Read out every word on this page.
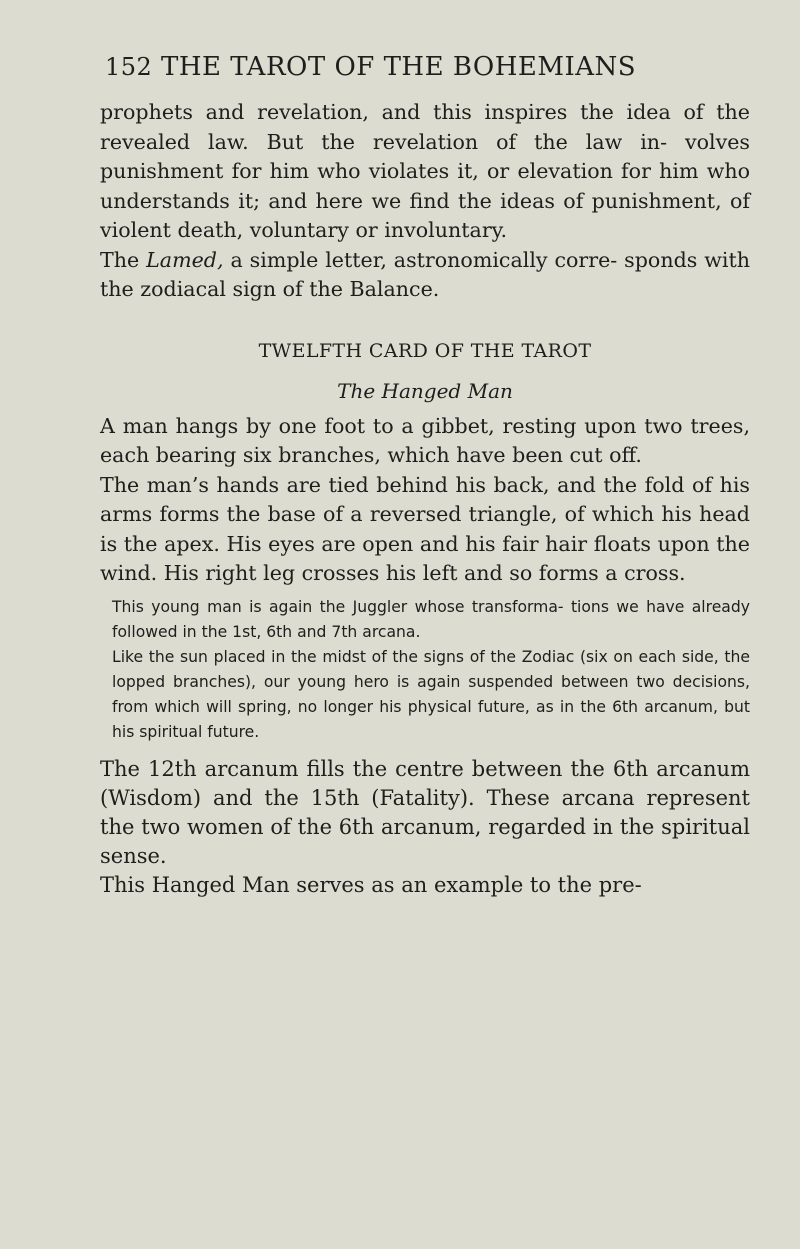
152 THE TAROT OF THE BOHEMIANS

prophets and revelation, and this inspires the idea of the revealed law. But the revelation of the law in- volves punishment for him who violates it, or elevation for him who understands it; and here we find the ideas of punishment, of violent death, voluntary or involuntary.

The Lamed, a simple letter, astronomically corre- sponds with the zodiacal sign of the Balance.

TWELFTH CARD OF THE TAROT
The Hanged Man

A man hangs by one foot to a gibbet, resting upon two trees, each bearing six branches, which have been cut off.

The man’s hands are tied behind his back, and the fold of his arms forms the base of a reversed triangle, of which his head is the apex. His eyes are open and his fair hair floats upon the wind. His right leg crosses his left and so forms a cross.

This young man is again the Juggler whose transforma- tions we have already followed in the 1st, 6th and 7th arcana.

Like the sun placed in the midst of the signs of the Zodiac (six on each side, the lopped branches), our young hero is again suspended between two decisions, from which will spring, no longer his physical future, as in the 6th arcanum, but his spiritual future.

The 12th arcanum fills the centre between the 6th arcanum (Wisdom) and the 15th (Fatality). These arcana represent the two women of the 6th arcanum, regarded in the spiritual sense.

This Hanged Man serves as an example to the pre-
